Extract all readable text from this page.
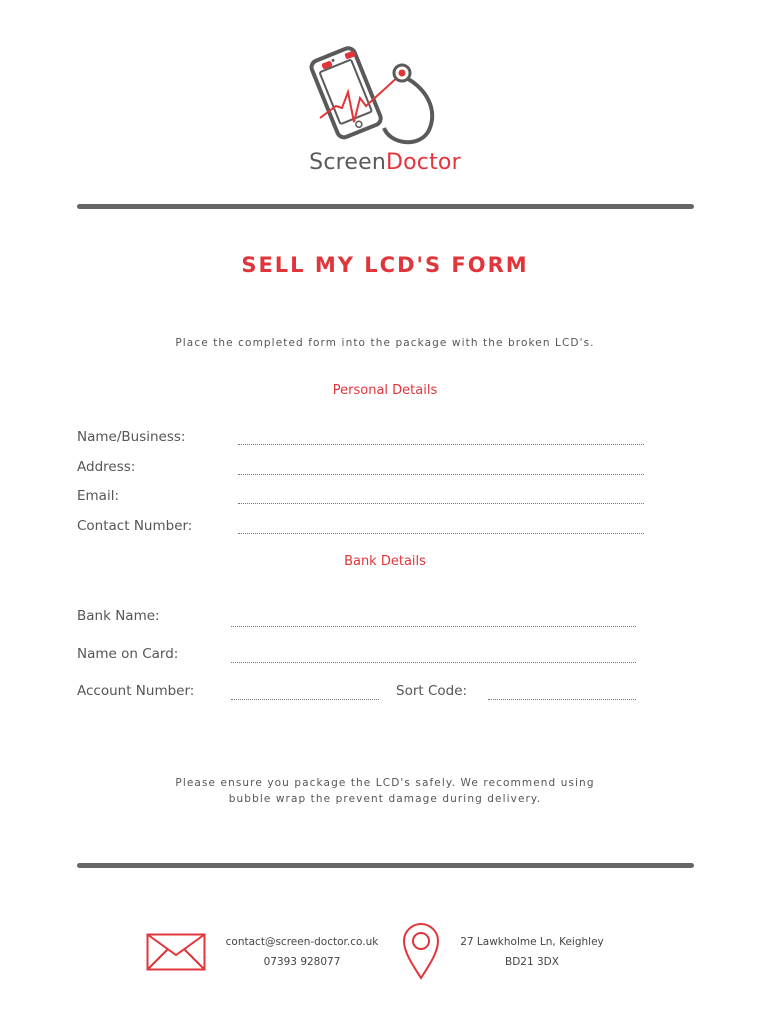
ScreenDoctor
SELL MY LCD'S FORM
Place the completed form into the package with the broken LCD's.
Personal Details
Name/Business:
Address:
Email:
Contact Number:
Bank Details
Bank Name:
Name on Card:
Account Number:	Sort Code:
Please ensure you package the LCD's safely. We recommend using
bubble wrap the prevent damage during delivery.
contact@screen-doctor.co.uk
07393 928077
27 Lawkholme Ln, Keighley
BD21 3DX
